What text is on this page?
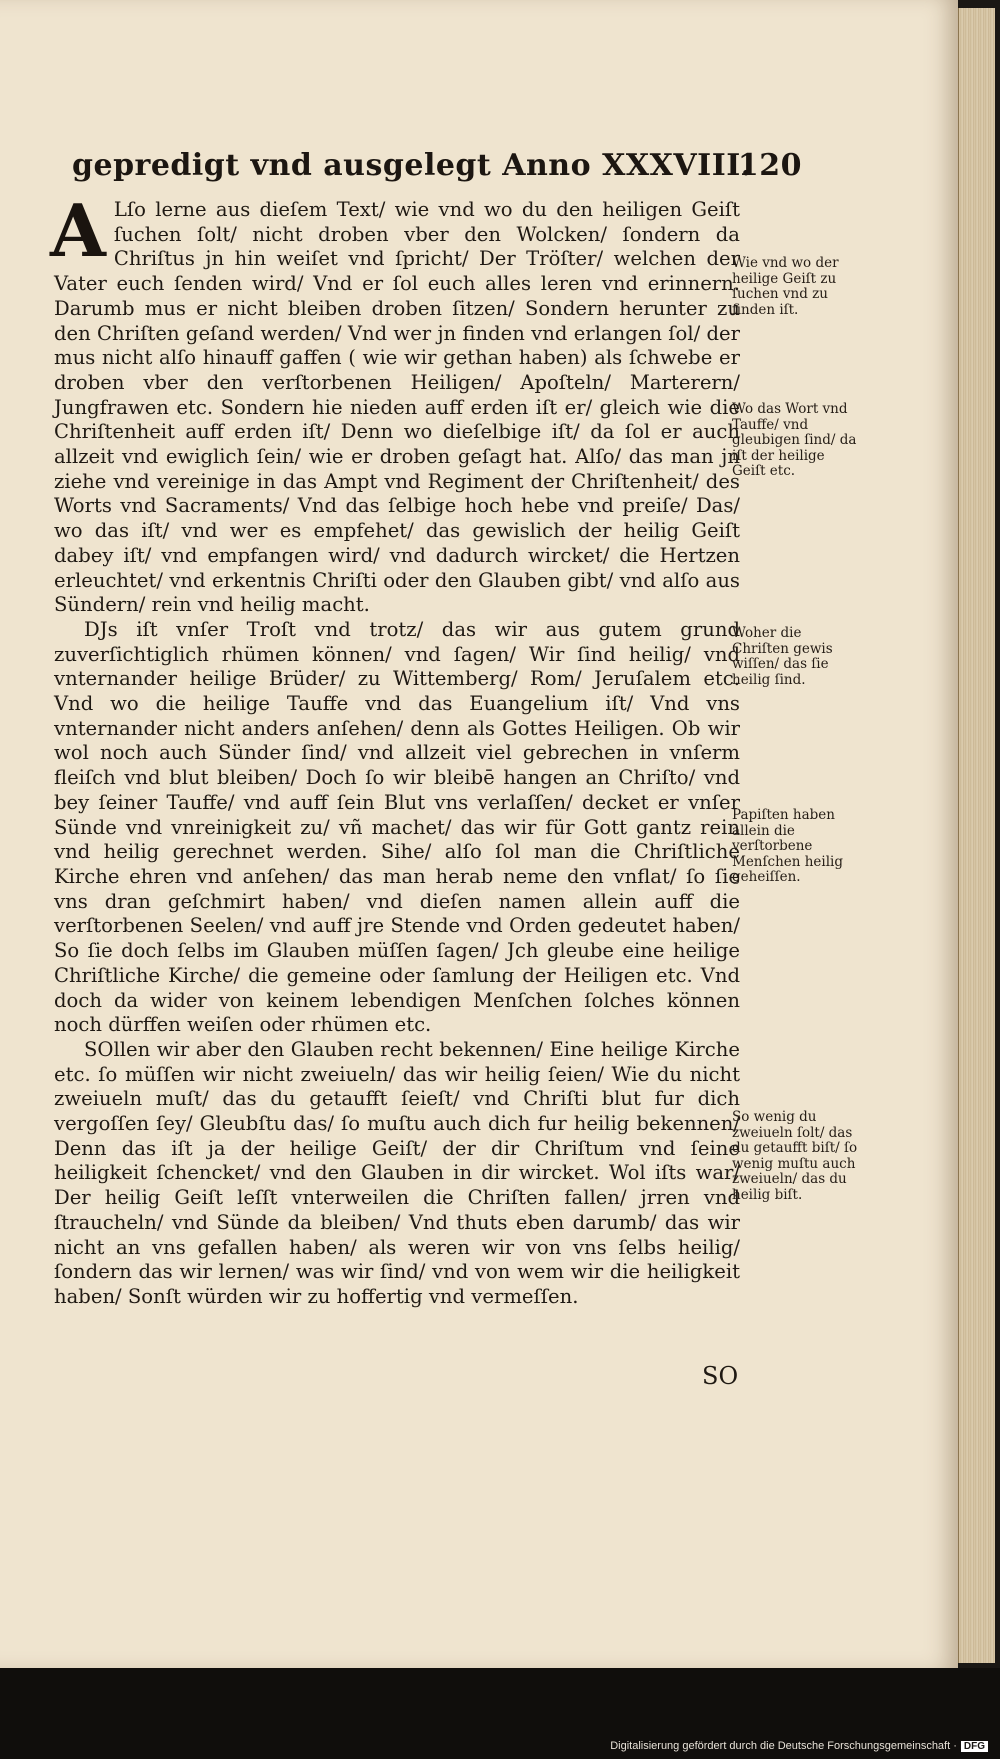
gepredigt vnd ausgelegt Anno XXXVIII.
120

A Lſo lerne aus dieſem Text/ wie vnd wo du den heiligen Geiſt ſuchen ſolt/ nicht droben vber den Wolcken/ ſondern da Chriſtus jn hin weiſet vnd ſpricht/ Der Tröſter/ welchen der Vater euch ſenden wird/ Vnd er ſol euch alles leren vnd erinnern. Darumb mus er nicht bleiben droben ſitzen/ Sondern herunter zu den Chriſten geſand werden/ Vnd wer jn finden vnd erlangen ſol/ der mus nicht alſo hinauff gaffen ( wie wir gethan haben) als ſchwebe er droben vber den verſtorbenen Heiligen/ Apoſteln/ Marterern/ Jungfrawen etc. Sondern hie nieden auff erden iſt er/ gleich wie die Chriſtenheit auff erden iſt/ Denn wo dieſelbige iſt/ da ſol er auch allzeit vnd ewiglich ſein/ wie er droben geſagt hat. Alſo/ das man jn ziehe vnd vereinige in das Ampt vnd Regiment der Chriſtenheit/ des Worts vnd Sacraments/ Vnd das ſelbige hoch hebe vnd preiſe/ Das/ wo das iſt/ vnd wer es empfehet/ das gewislich der heilig Geiſt dabey iſt/ vnd empfangen wird/ vnd dadurch wircket/ die Hertzen erleuchtet/ vnd erkentnis Chriſti oder den Glauben gibt/ vnd alſo aus Sündern/ rein vnd heilig macht.

DJs iſt vnſer Troſt vnd trotz/ das wir aus gutem grund zuverſichtiglich rhümen können/ vnd ſagen/ Wir ſind heilig/ vnd vnternander heilige Brüder/ zu Wittemberg/ Rom/ Jeruſalem etc. Vnd wo die heilige Tauffe vnd das Euangelium iſt/ Vnd vns vnternander nicht anders anſehen/ denn als Gottes Heiligen. Ob wir wol noch auch Sünder ſind/ vnd allzeit viel gebrechen in vnſerm fleiſch vnd blut bleiben/ Doch ſo wir bleibē hangen an Chriſto/ vnd bey ſeiner Tauffe/ vnd auff ſein Blut vns verlaſſen/ decket er vnſer Sünde vnd vnreinigkeit zu/ vñ machet/ das wir für Gott gantz rein vnd heilig gerechnet werden. Sihe/ alſo ſol man die Chriſtliche Kirche ehren vnd anſehen/ das man herab neme den vnflat/ ſo ſie vns dran geſchmirt haben/ vnd dieſen namen allein auff die verſtorbenen Seelen/ vnd auff jre Stende vnd Orden gedeutet haben/ So ſie doch ſelbs im Glauben müſſen ſagen/ Jch gleube eine heilige Chriſtliche Kirche/ die gemeine oder ſamlung der Heiligen etc. Vnd doch da wider von keinem lebendigen Menſchen ſolches können noch dürffen weiſen oder rhümen etc.

SOllen wir aber den Glauben recht bekennen/ Eine heilige Kirche etc. ſo müſſen wir nicht zweiueln/ das wir heilig ſeien/ Wie du nicht zweiueln muſt/ das du getaufft ſeieſt/ vnd Chriſti blut fur dich vergoſſen ſey/ Gleubſtu das/ ſo muſtu auch dich fur heilig bekennen/ Denn das iſt ja der heilige Geiſt/ der dir Chriſtum vnd ſeine heiligkeit ſchencket/ vnd den Glauben in dir wircket. Wol iſts war/ Der heilig Geiſt leſſt vnterweilen die Chriſten fallen/ jrren vnd ſtraucheln/ vnd Sünde da bleiben/ Vnd thuts eben darumb/ das wir nicht an vns gefallen haben/ als weren wir von vns ſelbs heilig/ ſondern das wir lernen/ was wir ſind/ vnd von wem wir die heiligkeit haben/ Sonſt würden wir zu hoffertig vnd vermeſſen.

Wie vnd wo der heilige Geiſt zu ſuchen vnd zu finden iſt.
Wo das Wort vnd Tauffe/ vnd gleubigen ſind/ da iſt der heilige Geiſt etc.
Woher die Chriſten gewis wiſſen/ das ſie heilig ſind.
Papiſten haben allein die verſtorbene Menſchen heilig geheiſſen.
So wenig du zweiueln ſolt/ das du getaufft biſt/ ſo wenig muſtu auch zweiueln/ das du heilig biſt.
SO
Digitalisierung gefördert durch die Deutsche Forschungsgemeinschaft · DFG
